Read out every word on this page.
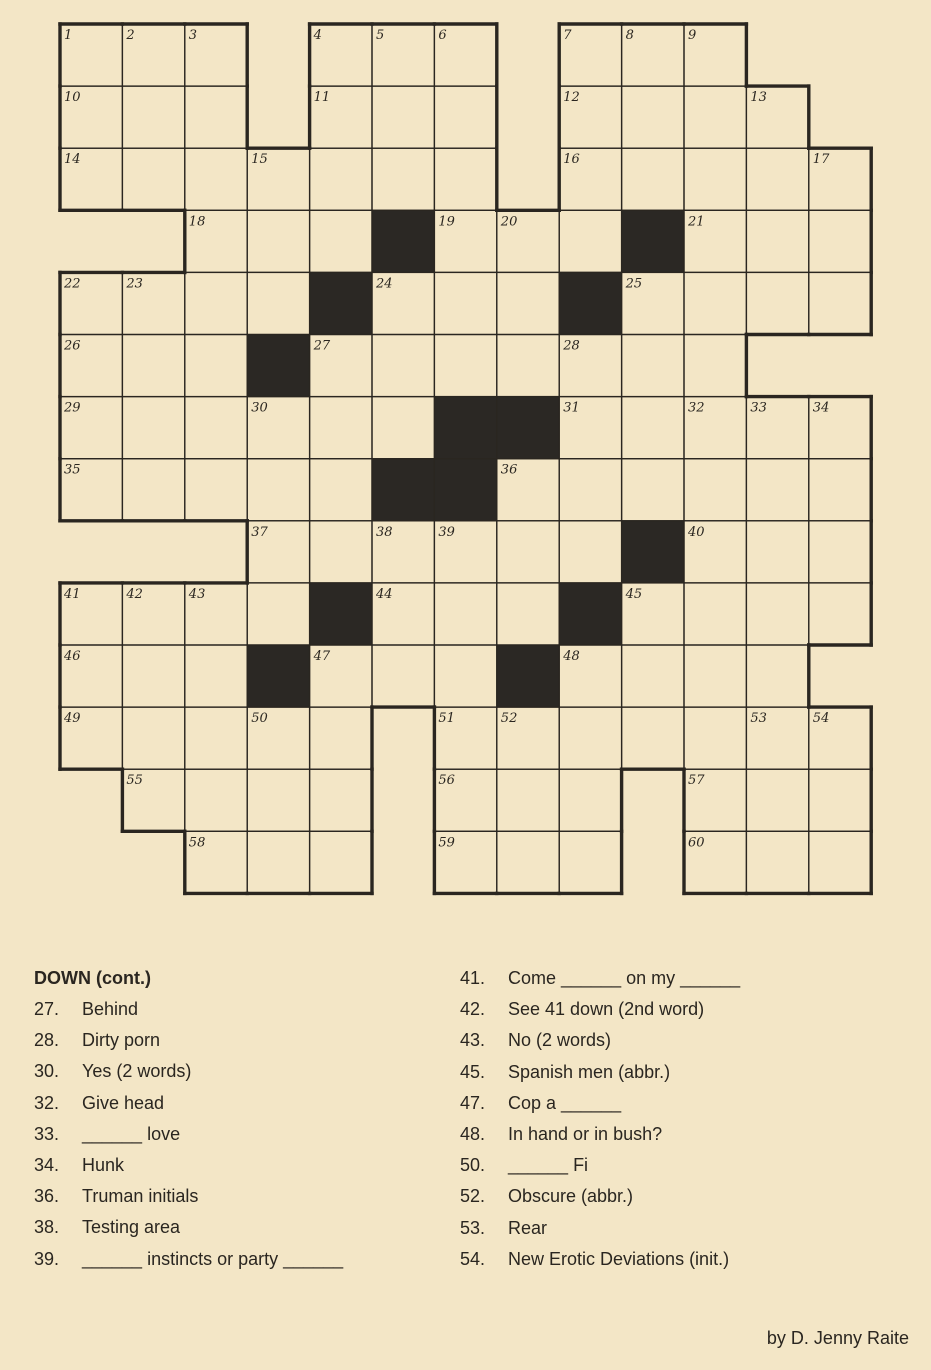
1	2	3	4	5	6	7	8	9
10	11	12	13
14	15	16	17
18	19	20	21
22	23	24	25
26	27	28
29	30	31	32	33	34
35	36
37	38	39	40
41	42	43	44	45
46	47	48
49	50	51	52	53	54
55	56	57
58	59	60
DOWN (cont.)
27.	Behind
28.	Dirty porn
30.	Yes (2 words)
32.	Give head
33.	______ love
34.	Hunk
36.	Truman initials
38.	Testing area
39.	______ instincts or party ______
41.	Come ______ on my ______
42.	See 41 down (2nd word)
43.	No (2 words)
45.	Spanish men (abbr.)
47.	Cop a ______
48.	In hand or in bush?
50.	______ Fi
52.	Obscure (abbr.)
53.	Rear
54.	New Erotic Deviations (init.)
by D. Jenny Raite
